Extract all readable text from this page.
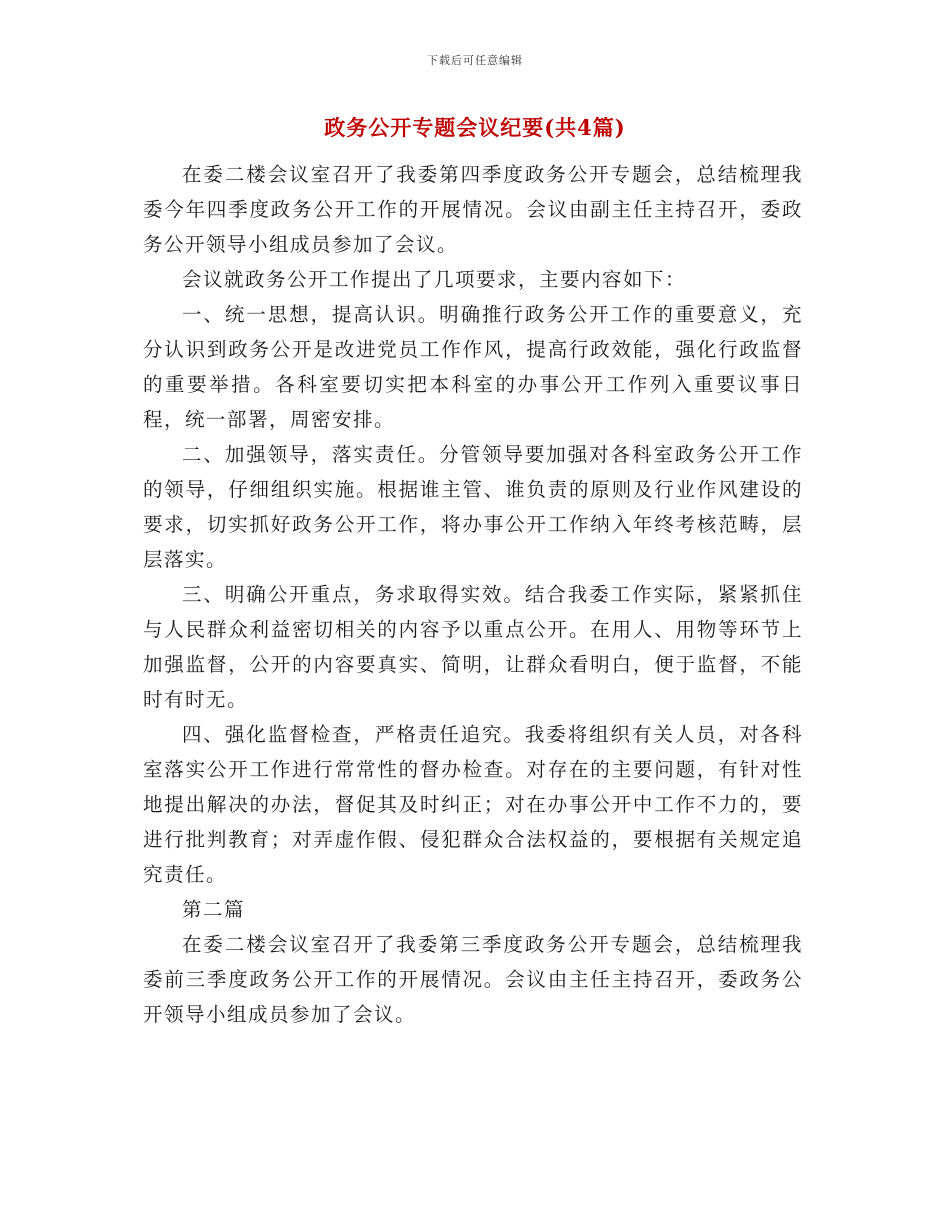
下载后可任意编辑
政务公开专题会议纪要(共4篇)

在委二楼会议室召开了我委第四季度政务公开专题会，总结梳理我委今年四季度政务公开工作的开展情况。会议由副主任主持召开，委政务公开领导小组成员参加了会议。

会议就政务公开工作提出了几项要求，主要内容如下：

一、统一思想，提高认识。明确推行政务公开工作的重要意义，充分认识到政务公开是改进党员工作作风，提高行政效能，强化行政监督的重要举措。各科室要切实把本科室的办事公开工作列入重要议事日程，统一部署，周密安排。

二、加强领导，落实责任。分管领导要加强对各科室政务公开工作的领导，仔细组织实施。根据谁主管、谁负责的原则及行业作风建设的要求，切实抓好政务公开工作，将办事公开工作纳入年终考核范畴，层层落实。

三、明确公开重点，务求取得实效。结合我委工作实际，紧紧抓住与人民群众利益密切相关的内容予以重点公开。在用人、用物等环节上加强监督，公开的内容要真实、简明，让群众看明白，便于监督，不能时有时无。

四、强化监督检查，严格责任追究。我委将组织有关人员，对各科室落实公开工作进行常常性的督办检查。对存在的主要问题，有针对性地提出解决的办法，督促其及时纠正；对在办事公开中工作不力的，要进行批判教育；对弄虚作假、侵犯群众合法权益的，要根据有关规定追究责任。

第二篇

在委二楼会议室召开了我委第三季度政务公开专题会，总结梳理我委前三季度政务公开工作的开展情况。会议由主任主持召开，委政务公开领导小组成员参加了会议。
